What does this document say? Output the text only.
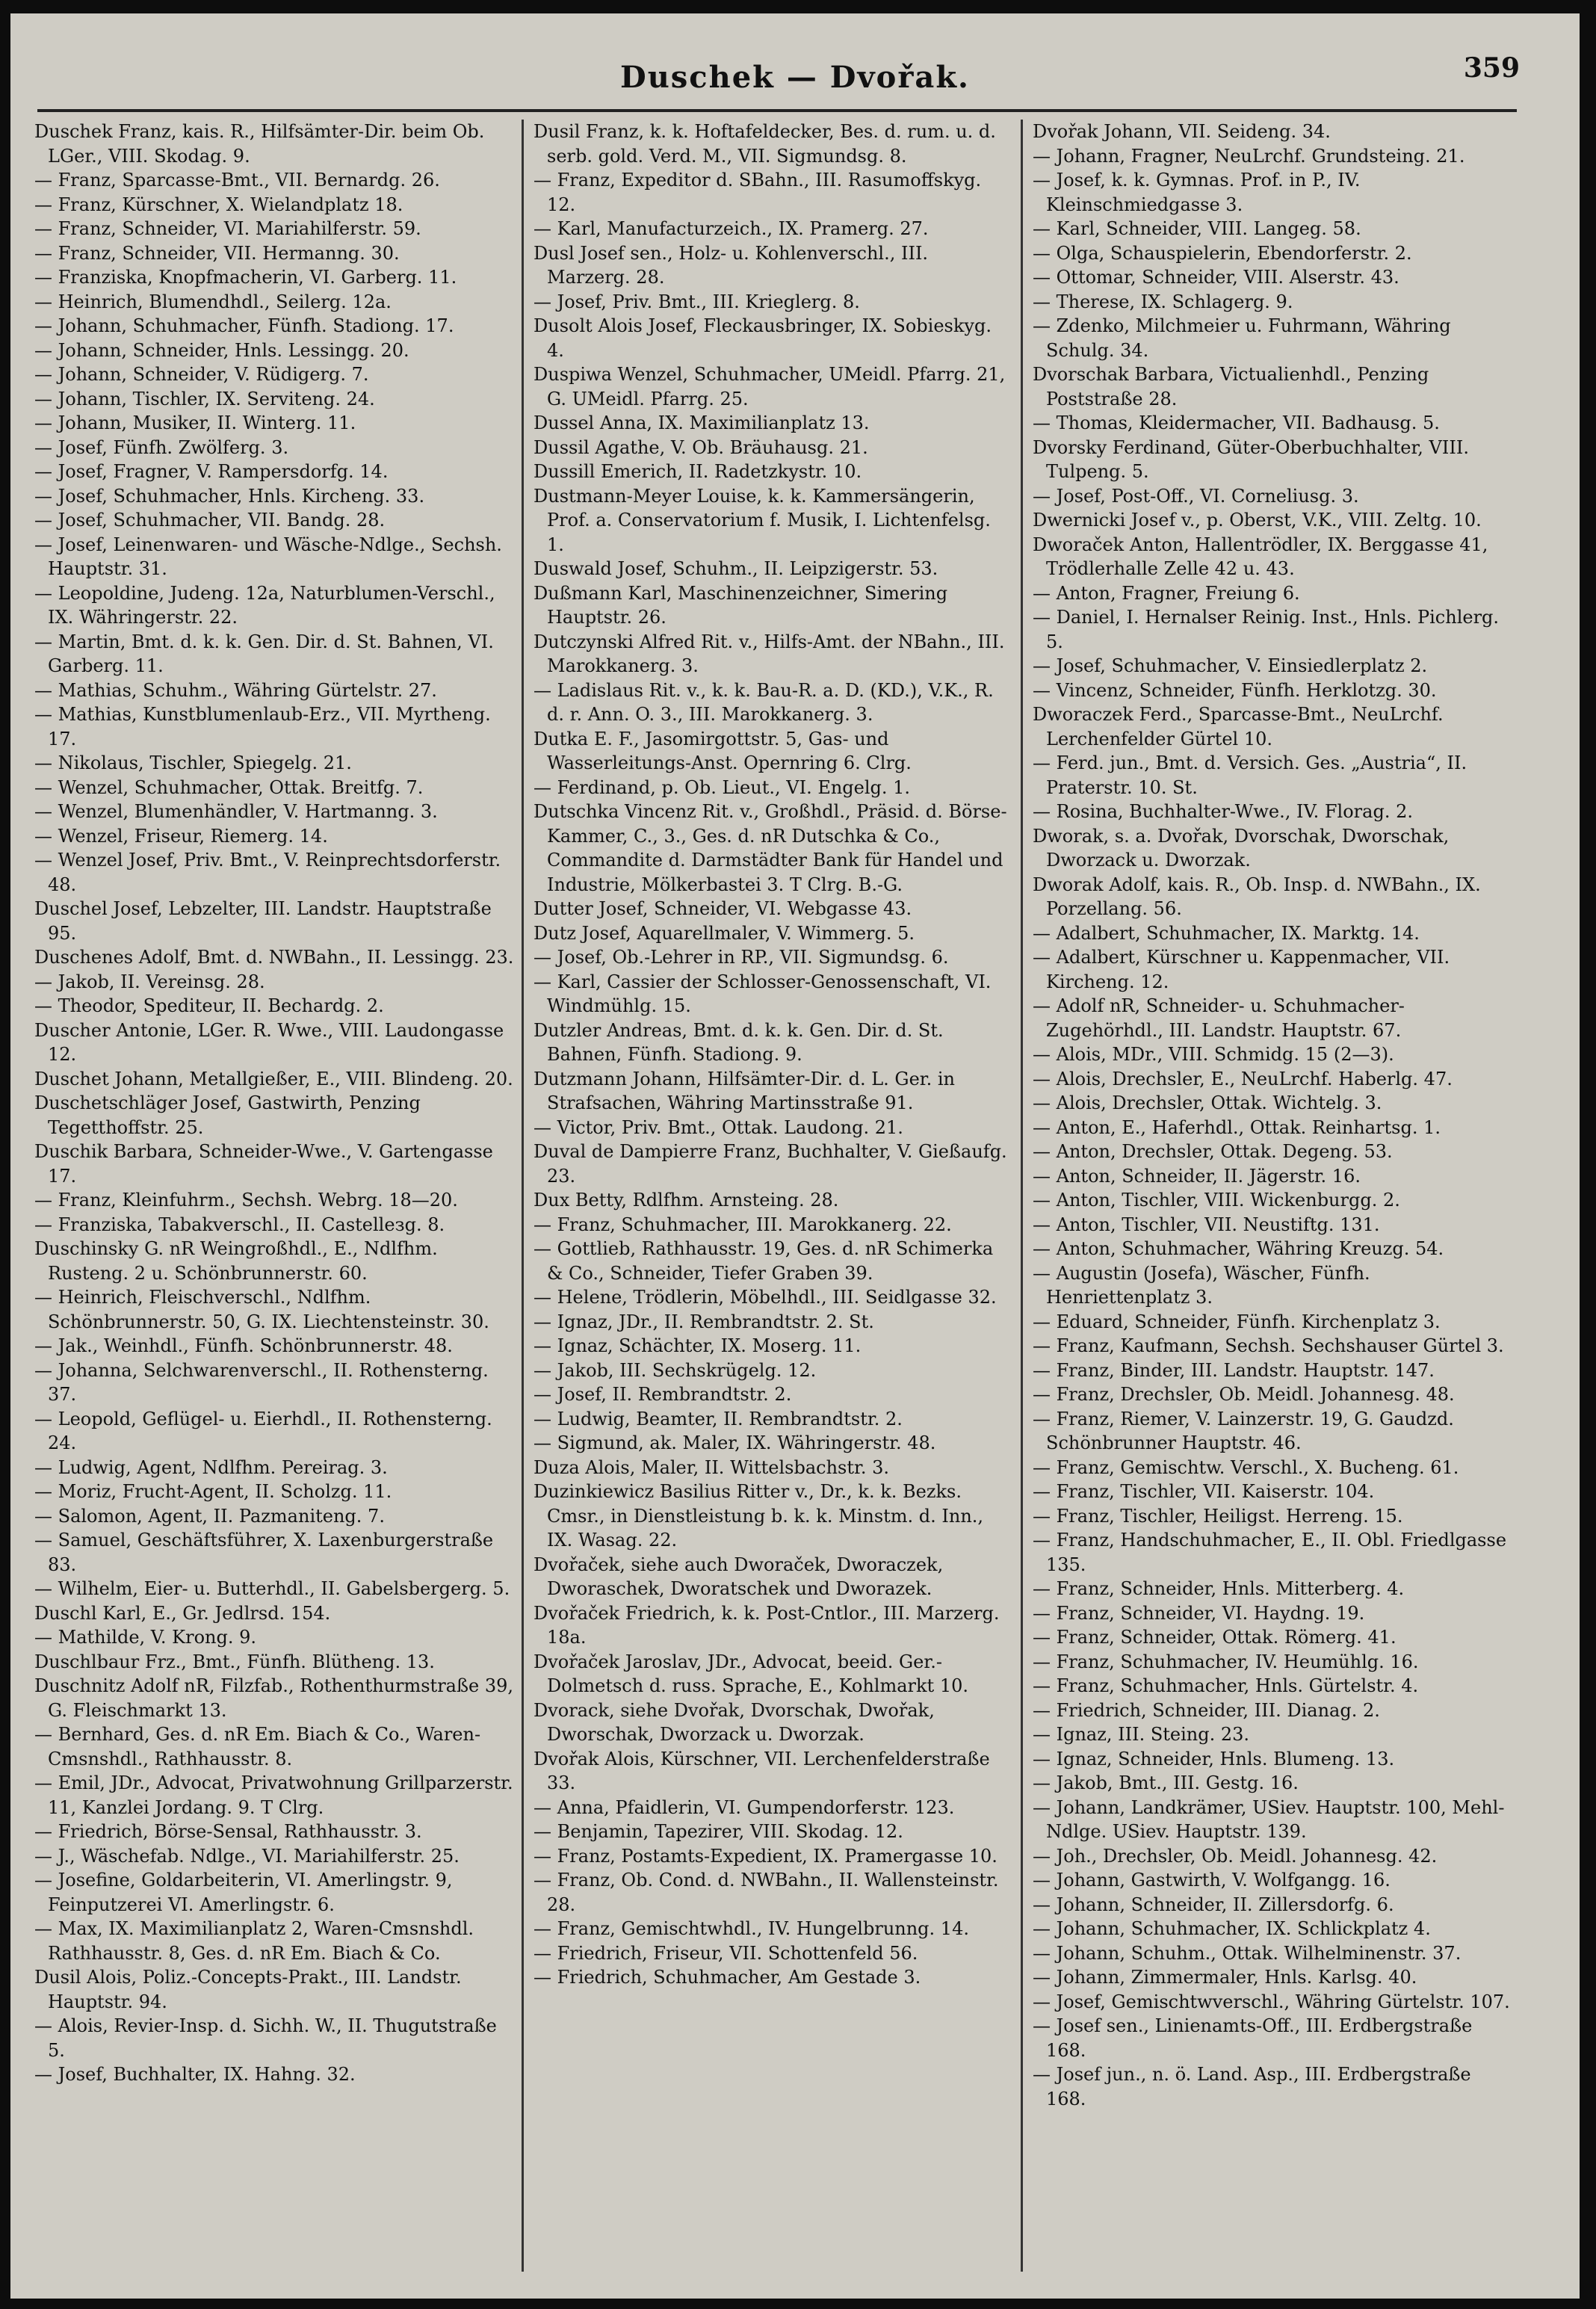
Duschek — Dvořak.	359

Duschek Franz, kais. R., Hilfsämter-Dir. beim Ob. LGer., VIII. Skodag. 9.

— Franz, Sparcasse-Bmt., VII. Bernardg. 26.

— Franz, Kürschner, X. Wielandplatz 18.

— Franz, Schneider, VI. Mariahilferstr. 59.

— Franz, Schneider, VII. Hermanng. 30.

— Franziska, Knopfmacherin, VI. Garberg. 11.

— Heinrich, Blumendhdl., Seilerg. 12a.

— Johann, Schuhmacher, Fünfh. Stadiong. 17.

— Johann, Schneider, Hnls. Lessingg. 20.

— Johann, Schneider, V. Rüdigerg. 7.

— Johann, Tischler, IX. Servitеng. 24.

— Johann, Musiker, II. Winterg. 11.

— Josef, Fünfh. Zwölferg. 3.

— Josef, Fragner, V. Rampersdorfg. 14.

— Josef, Schuhmacher, Hnls. Kircheng. 33.

— Josef, Schuhmacher, VII. Bandg. 28.

— Josef, Leinenwaren- und Wäsche-Ndlge., Sechsh. Hauptstr. 31.

— Leopoldine, Judeng. 12a, Naturblumen-Verschl., IX. Währingerstr. 22.

— Martin, Bmt. d. k. k. Gen. Dir. d. St. Bahnen, VI. Garberg. 11.

— Mathias, Schuhm., Währing Gürtelstr. 27.

— Mathias, Kunstblumenlaub-Erz., VII. Myrtheng. 17.

— Nikolaus, Tischler, Spiegelg. 21.

— Wenzel, Schuhmacher, Ottak. Breitfg. 7.

— Wenzel, Blumenhändler, V. Hartmanng. 3.

— Wenzel, Friseur, Riemerg. 14.

— Wenzel Josef, Priv. Bmt., V. Reinprechtsdorferstr. 48.

Duschel Josef, Lebzelter, III. Landstr. Hauptstraße 95.

Duschenes Adolf, Bmt. d. NWBahn., II. Lessingg. 23.

— Jakob, II. Vereinsg. 28.

— Theodor, Spediteur, II. Bechardg. 2.

Duscher Antonie, LGer. R. Wwe., VIII. Laudongasse 12.

Duschet Johann, Metallgießer, E., VIII. Blindeng. 20.

Duschetschläger Josef, Gastwirth, Penzing Tegetthoffstr. 25.

Duschik Barbara, Schneider-Wwe., V. Gartengasse 17.

— Franz, Kleinfuhrm., Sechsh. Webrg. 18—20.

— Franziska, Tabakverschl., II. Castelleзg. 8.

Duschinsky G. nR Weingroßhdl., E., Ndlfhm. Rusteng. 2 u. Schönbrunnerstr. 60.

— Heinrich, Fleischverschl., Ndlfhm. Schönbrunnerstr. 50, G. IX. Liechtensteinstr. 30.

— Jak., Weinhdl., Fünfh. Schönbrunnerstr. 48.

— Johanna, Selchwarenverschl., II. Rothensterng. 37.

— Leopold, Geflügel- u. Eierhdl., II. Rothensterng. 24.

— Ludwig, Agent, Ndlfhm. Pereirag. 3.

— Moriz, Frucht-Agent, II. Scholzg. 11.

— Salomon, Agent, II. Pazmaniteng. 7.

— Samuel, Geschäftsführer, X. Laxenburgerstraße 83.

— Wilhelm, Eier- u. Butterhdl., II. Gabelsbergerg. 5.

Duschl Karl, E., Gr. Jedlrsd. 154.

— Mathilde, V. Krong. 9.

Duschlbaur Frz., Bmt., Fünfh. Blütheng. 13.

Duschnitz Adolf nR, Filzfab., Rothenthurmstraße 39, G. Fleischmarkt 13.

— Bernhard, Ges. d. nR Em. Biach & Co., Waren-Cmsnshdl., Rathhausstr. 8.

— Emil, JDr., Advocat, Privatwohnung Grillparzerstr. 11, Kanzlei Jordang. 9. T Clrg.

— Friedrich, Börse-Sensal, Rathhausstr. 3.

— J., Wäschefab. Ndlge., VI. Mariahilferstr. 25.

— Josefine, Goldarbeiterin, VI. Amerlingstr. 9, Feinputzerei VI. Amerlingstr. 6.

— Max, IX. Maximilianplatz 2, Waren-Cmsnshdl. Rathhausstr. 8, Ges. d. nR Em. Biach & Co.

Dusil Alois, Poliz.-Concepts-Prakt., III. Landstr. Hauptstr. 94.

— Alois, Revier-Insp. d. Sichh. W., II. Thugutstraße 5.

— Josef, Buchhalter, IX. Hahng. 32.

Dusil Franz, k. k. Hoftafeldecker, Bes. d. rum. u. d. serb. gold. Verd. M., VII. Sigmundsg. 8.

— Franz, Expeditor d. SBahn., III. Rasumoffskyg. 12.

— Karl, Manufacturzeich., IX. Pramerg. 27.

Dusl Josef sen., Holz- u. Kohlenverschl., III. Marzerg. 28.

— Josef, Priv. Bmt., III. Krieglerg. 8.

Dusolt Alois Josef, Fleckausbringer, IX. Sobieskyg. 4.

Duspiwa Wenzel, Schuhmacher, UMeidl. Pfarrg. 21, G. UMeidl. Pfarrg. 25.

Dussel Anna, IX. Maximilianplatz 13.

Dussil Agathe, V. Ob. Bräuhausg. 21.

Dussill Emerich, II. Radetzkystr. 10.

Dustmann-Meyer Louise, k. k. Kammersängerin, Prof. a. Conservatorium f. Musik, I. Lichtenfelsg. 1.

Duswald Josef, Schuhm., II. Leipzigerstr. 53.

Dußmann Karl, Maschinenzeichner, Simering Hauptstr. 26.

Dutczynski Alfred Rit. v., Hilfs-Amt. der NBahn., III. Marokkanerg. 3.

— Ladislaus Rit. v., k. k. Bau-R. a. D. (KD.), V.K., R. d. r. Ann. O. 3., III. Marokkanerg. 3.

Dutka E. F., Jasomirgottstr. 5, Gas- und Wasserleitungs-Anst. Opernring 6. Clrg.

— Ferdinand, p. Ob. Lieut., VI. Engelg. 1.

Dutschka Vincenz Rit. v., Großhdl., Präsid. d. Börse-Kammer, C., 3., Ges. d. nR Dutschka & Co., Commandite d. Darmstädter Bank für Handel und Industrie, Mölkerbastei 3. T Clrg. B.-G.

Dutter Josef, Schneider, VI. Webgasse 43.

Dutz Josef, Aquarellmaler, V. Wimmerg. 5.

— Josef, Ob.-Lehrer in RP., VII. Sigmundsg. 6.

— Karl, Cassier der Schlosser-Genossenschaft, VI. Windmühlg. 15.

Dutzler Andreas, Bmt. d. k. k. Gen. Dir. d. St. Bahnen, Fünfh. Stadiong. 9.

Dutzmann Johann, Hilfsämter-Dir. d. L. Ger. in Strafsachen, Währing Martinsstraße 91.

— Victor, Priv. Bmt., Ottak. Laudong. 21.

Duval de Dampierre Franz, Buchhalter, V. Gießaufg. 23.

Dux Betty, Rdlfhm. Arnsteing. 28.

— Franz, Schuhmacher, III. Marokkanerg. 22.

— Gottlieb, Rathhausstr. 19, Ges. d. nR Schimerka & Co., Schneider, Tiefer Graben 39.

— Helene, Trödlerin, Möbelhdl., III. Seidlgasse 32.

— Ignaz, JDr., II. Rembrandtstr. 2. St.

— Ignaz, Schächter, IX. Moserg. 11.

— Jakob, III. Sechskrügelg. 12.

— Josef, II. Rembrandtstr. 2.

— Ludwig, Beamter, II. Rembrandtstr. 2.

— Sigmund, ak. Maler, IX. Währingerstr. 48.

Duza Alois, Maler, II. Wittelsbachstr. 3.

Duzinkiewicz Basilius Ritter v., Dr., k. k. Bezks. Cmsr., in Dienstleistung b. k. k. Minstm. d. Inn., IX. Wasag. 22.

Dvořaček, siehe auch Dworaček, Dworaczek, Dworaschek, Dworatschek und Dworazek.

Dvořaček Friedrich, k. k. Post-Cntlor., III. Marzerg. 18a.

Dvořaček Jaroslav, JDr., Advocat, beeid. Ger.-Dolmetsch d. russ. Sprache, E., Kohlmarkt 10.

Dvorack, siehe Dvořak, Dvorschak, Dwořak, Dworschak, Dworzack u. Dworzak.

Dvořak Alois, Kürschner, VII. Lerchenfelderstraße 33.

— Anna, Pfaidlerin, VI. Gumpendorferstr. 123.

— Benjamin, Tapezirer, VIII. Skodag. 12.

— Franz, Postamts-Expedient, IX. Pramergasse 10.

— Franz, Ob. Cond. d. NWBahn., II. Wallensteinstr. 28.

— Franz, Gemischtwhdl., IV. Hungelbrunng. 14.

— Friedrich, Friseur, VII. Schottenfeld 56.

— Friedrich, Schuhmacher, Am Gestade 3.

Dvořak Johann, VII. Seideng. 34.

— Johann, Fragner, NeuLrchf. Grundsteing. 21.

— Josef, k. k. Gymnas. Prof. in P., IV. Kleinschmiedgasse 3.

— Karl, Schneider, VIII. Langeg. 58.

— Olga, Schauspielerin, Ebendorferstr. 2.

— Ottomar, Schneider, VIII. Alserstr. 43.

— Therese, IX. Schlagerg. 9.

— Zdenko, Milchmeier u. Fuhrmann, Währing Schulg. 34.

Dvorschak Barbara, Victualienhdl., Penzing Poststraße 28.

— Thomas, Kleidermacher, VII. Badhausg. 5.

Dvorsky Ferdinand, Güter-Oberbuchhalter, VIII. Tulpeng. 5.

— Josef, Post-Off., VI. Corneliusg. 3.

Dwernicki Josef v., p. Oberst, V.K., VIII. Zeltg. 10.

Dworaček Anton, Hallentrödler, IX. Berggasse 41, Trödlerhalle Zelle 42 u. 43.

— Anton, Fragner, Freiung 6.

— Daniel, I. Hernalser Reinig. Inst., Hnls. Pichlerg. 5.

— Josef, Schuhmacher, V. Einsiedlerplatz 2.

— Vincenz, Schneider, Fünfh. Herklotzg. 30.

Dworaczek Ferd., Sparcasse-Bmt., NeuLrchf. Lerchenfelder Gürtel 10.

— Ferd. jun., Bmt. d. Versich. Ges. „Austria“, II. Praterstr. 10. St.

— Rosina, Buchhalter-Wwe., IV. Florag. 2.

Dworak, s. a. Dvořak, Dvorschak, Dworschak, Dworzack u. Dworzak.

Dworak Adolf, kais. R., Ob. Insp. d. NWBahn., IX. Porzellang. 56.

— Adalbert, Schuhmacher, IX. Marktg. 14.

— Adalbert, Kürschner u. Kappenmacher, VII. Kircheng. 12.

— Adolf nR, Schneider- u. Schuhmacher-Zugehörhdl., III. Landstr. Hauptstr. 67.

— Alois, MDr., VIII. Schmidg. 15 (2—3).

— Alois, Drechsler, E., NeuLrchf. Haberlg. 47.

— Alois, Drechsler, Ottak. Wichtelg. 3.

— Anton, E., Haferhdl., Ottak. Reinhartsg. 1.

— Anton, Drechsler, Ottak. Degeng. 53.

— Anton, Schneider, II. Jägerstr. 16.

— Anton, Tischler, VIII. Wickenburgg. 2.

— Anton, Tischler, VII. Neustiftg. 131.

— Anton, Schuhmacher, Währing Kreuzg. 54.

— Augustin (Josefa), Wäscher, Fünfh. Henriettenplatz 3.

— Eduard, Schneider, Fünfh. Kirchenplatz 3.

— Franz, Kaufmann, Sechsh. Sechshauser Gürtel 3.

— Franz, Binder, III. Landstr. Hauptstr. 147.

— Franz, Drechsler, Ob. Meidl. Johannesg. 48.

— Franz, Riemer, V. Lainzerstr. 19, G. Gaudzd. Schönbrunner Hauptstr. 46.

— Franz, Gemischtw. Verschl., X. Bucheng. 61.

— Franz, Tischler, VII. Kaiserstr. 104.

— Franz, Tischler, Heiligst. Herreng. 15.

— Franz, Handschuhmacher, E., II. Obl. Friedlgasse 135.

— Franz, Schneider, Hnls. Mitterberg. 4.

— Franz, Schneider, VI. Haydng. 19.

— Franz, Schneider, Ottak. Römerg. 41.

— Franz, Schuhmacher, IV. Heumühlg. 16.

— Franz, Schuhmacher, Hnls. Gürtelstr. 4.

— Friedrich, Schneider, III. Dianag. 2.

— Ignaz, III. Steing. 23.

— Ignaz, Schneider, Hnls. Blumeng. 13.

— Jakob, Bmt., III. Gestg. 16.

— Johann, Landkrämer, USiev. Hauptstr. 100, Mehl-Ndlge. USiev. Hauptstr. 139.

— Joh., Drechsler, Ob. Meidl. Johannesg. 42.

— Johann, Gastwirth, V. Wolfgangg. 16.

— Johann, Schneider, II. Zillersdorfg. 6.

— Johann, Schuhmacher, IX. Schlickplatz 4.

— Johann, Schuhm., Ottak. Wilhelminenstr. 37.

— Johann, Zimmermaler, Hnls. Karlsg. 40.

— Josef, Gemischtwverschl., Währing Gürtelstr. 107.

— Josef sen., Linienamts-Off., III. Erdbergstraße 168.

— Josef jun., n. ö. Land. Asp., III. Erdbergstraße 168.
